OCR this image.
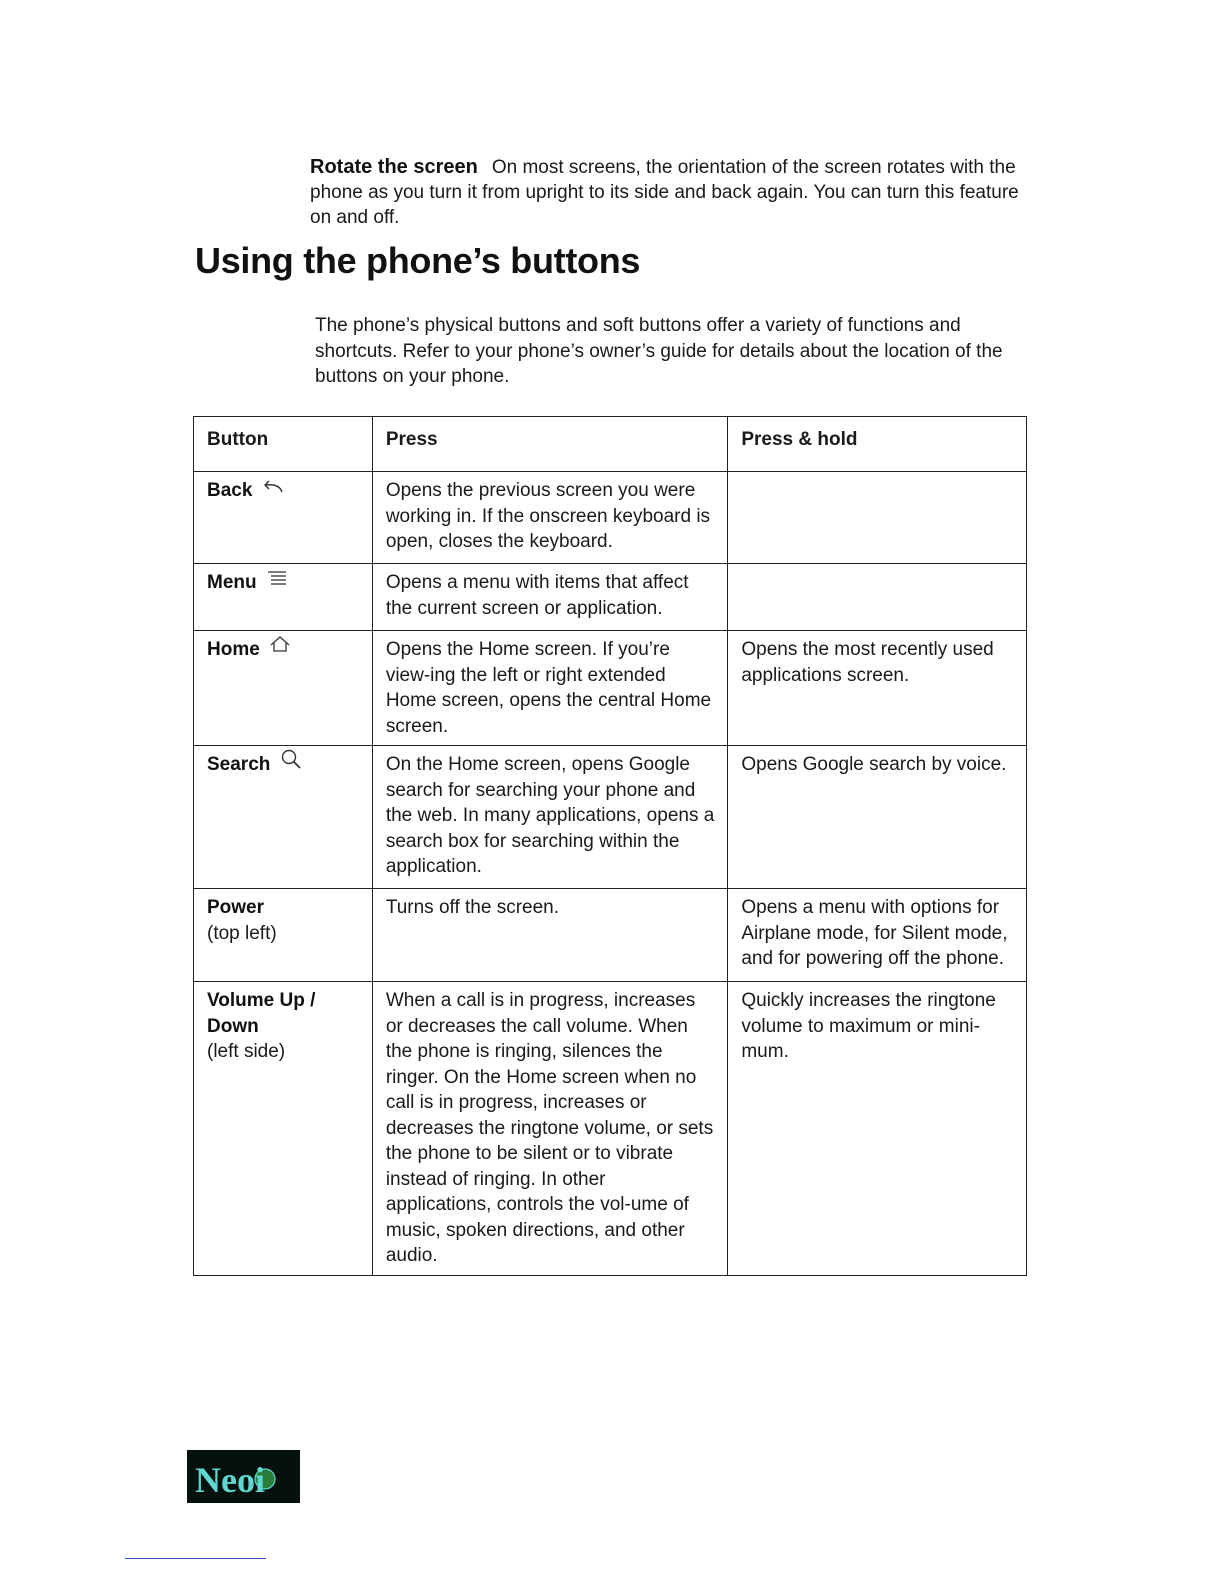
Rotate the screen On most screens, the orientation of the screen rotates with the phone as you turn it from upright to its side and back again. You can turn this feature on and off.

Using the phone’s buttons

The phone’s physical buttons and soft buttons offer a variety of functions and shortcuts. Refer to your phone’s owner’s guide for details about the location of the buttons on your phone.

Button	Press	Press & hold
Back	Opens the previous screen you were working in. If the onscreen keyboard is open, closes the keyboard.	
Menu	Opens a menu with items that affect the current screen or application.	
Home	Opens the Home screen. If you’re view-ing the left or right extended Home screen, opens the central Home screen.	Opens the most recently used applications screen.
Search	On the Home screen, opens Google search for searching your phone and the web. In many applications, opens a search box for searching within the application.	Opens Google search by voice.

Power
(top left)	Turns off the screen.	Opens a menu with options for Airplane mode, for Silent mode, and for powering off the phone.

Volume Up / Down
(left side)	When a call is in progress, increases or decreases the call volume. When the phone is ringing, silences the ringer. On the Home screen when no call is in progress, increases or decreases the ringtone volume, or sets the phone to be silent or to vibrate instead of ringing. In other applications, controls the vol-ume of music, spoken directions, and other audio.	Quickly increases the ringtone volume to maximum or mini-mum.
Neoi
